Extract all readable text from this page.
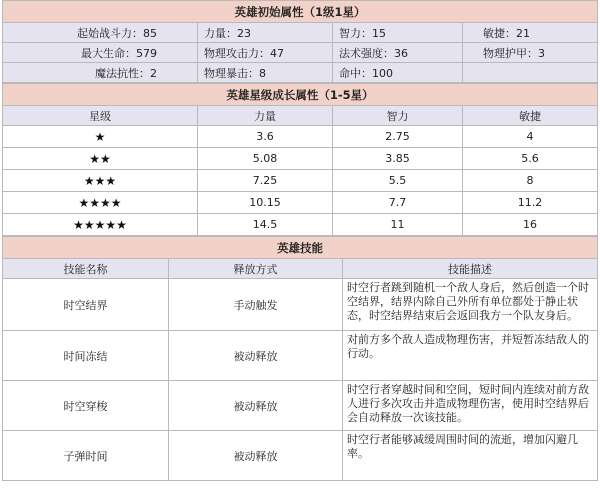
英雄初始属性（1级1星）			
起始战斗力：85	力量：23	智力：15	敏捷：21
最大生命：579	物理攻击力：47	法术强度：36	物理护甲：3
魔法抗性：2	物理暴击：8	命中：100	
英雄星级成长属性（1-5星）			
星级	力量	智力	敏捷
★	3.6	2.75	4
★★	5.08	3.85	5.6
★★★	7.25	5.5	8
★★★★	10.15	7.7	11.2
★★★★★	14.5	11	16
英雄技能		
技能名称	释放方式	技能描述
时空结界	手动触发	时空行者跳到随机一个敌人身后，然后创造一个时空结界，结界内除自己外所有单位都处于静止状态，时空结界结束后会返回我方一个队友身后。
时间冻结	被动释放	对前方多个敌人造成物理伤害，并短暂冻结敌人的行动。
时空穿梭	被动释放	时空行者穿越时间和空间，短时间内连续对前方敌人进行多次攻击并造成物理伤害，使用时空结界后会自动释放一次该技能。
子弹时间	被动释放	时空行者能够减缓周围时间的流逝，增加闪避几率。
